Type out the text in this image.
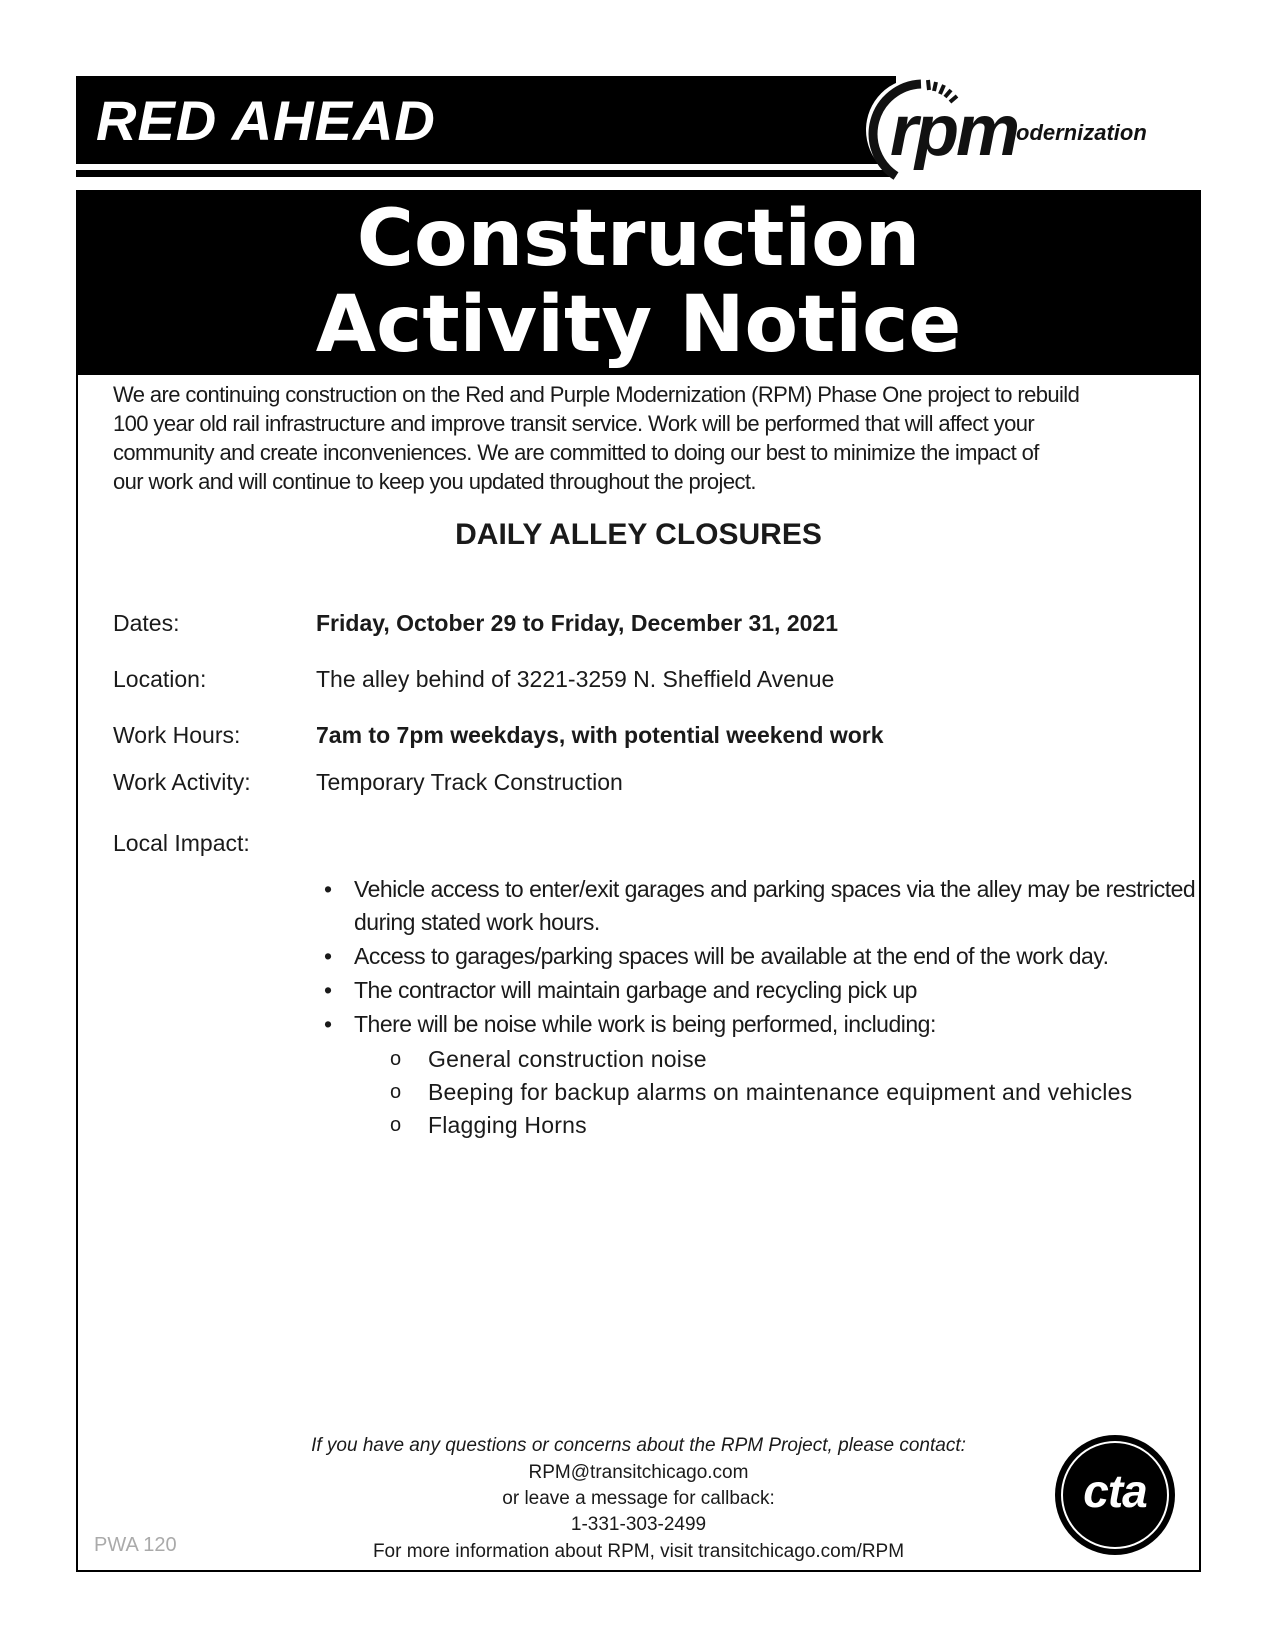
RED AHEAD	rpm
odernization
Construction
Activity Notice
We are continuing construction on the Red and Purple Modernization (RPM) Phase One project to rebuild
100 year old rail infrastructure and improve transit service. Work will be performed that will affect your
community and create inconveniences. We are committed to doing our best to minimize the impact of
our work and will continue to keep you updated throughout the project.
DAILY ALLEY CLOSURES
Dates:	Friday, October 29 to Friday, December 31, 2021
Location:	The alley behind of 3221-3259 N. Sheffield Avenue
Work Hours:	7am to 7pm weekdays, with potential weekend work
Work Activity:	Temporary Track Construction
Local Impact:
• Vehicle access to enter/exit garages and parking spaces via the alley may be restricted during stated work hours.
• Access to garages/parking spaces will be available at the end of the work day.
• The contractor will maintain garbage and recycling pick up
• There will be noise while work is being performed, including:
o General construction noise
o Beeping for backup alarms on maintenance equipment and vehicles
o Flagging Horns
If you have any questions or concerns about the RPM Project, please contact:
RPM@transitchicago.com
or leave a message for callback:
1-331-303-2499
For more information about RPM, visit transitchicago.com/RPM
PWA 120
cta
